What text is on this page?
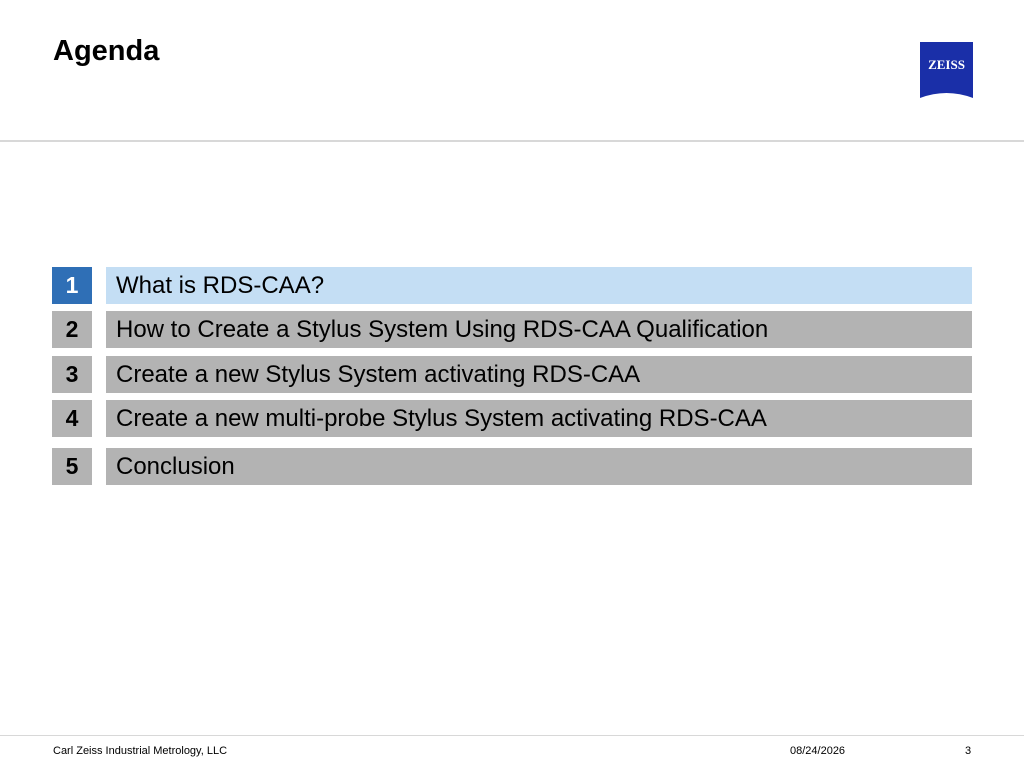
Agenda	ZEISS
1	What is RDS-CAA?
2	How to Create a Stylus System Using RDS-CAA Qualification
3	Create a new Stylus System activating RDS-CAA
4	Create a new multi-probe Stylus System activating RDS-CAA
5	Conclusion
Carl Zeiss Industrial Metrology, LLC	08/24/2026	3
